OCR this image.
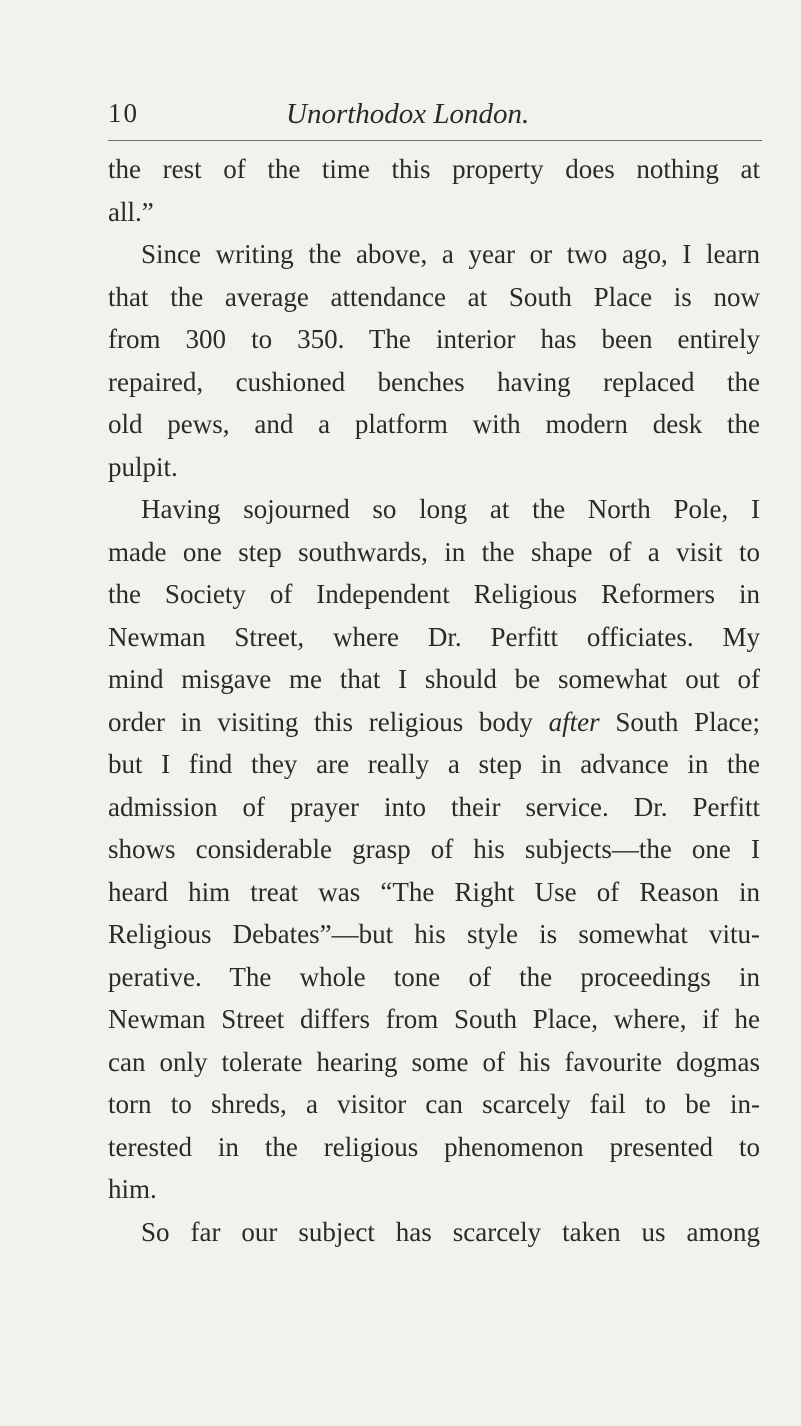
10	Unorthodox London.
the rest of the time this property does nothing at
all.”
Since writing the above, a year or two ago, I learn
that the average attendance at South Place is now
from 300 to 350. The interior has been entirely
repaired, cushioned benches having replaced the
old pews, and a platform with modern desk the
pulpit.
Having sojourned so long at the North Pole, I
made one step southwards, in the shape of a visit to
the Society of Independent Religious Reformers in
Newman Street, where Dr. Perfitt officiates. My
mind misgave me that I should be somewhat out of
order in visiting this religious body after South Place;
but I find they are really a step in advance in the
admission of prayer into their service. Dr. Perfitt
shows considerable grasp of his subjects—the one I
heard him treat was “The Right Use of Reason in
Religious Debates”—but his style is somewhat vitu-
perative. The whole tone of the proceedings in
Newman Street differs from South Place, where, if he
can only tolerate hearing some of his favourite dogmas
torn to shreds, a visitor can scarcely fail to be in-
terested in the religious phenomenon presented to
him.
So far our subject has scarcely taken us among
